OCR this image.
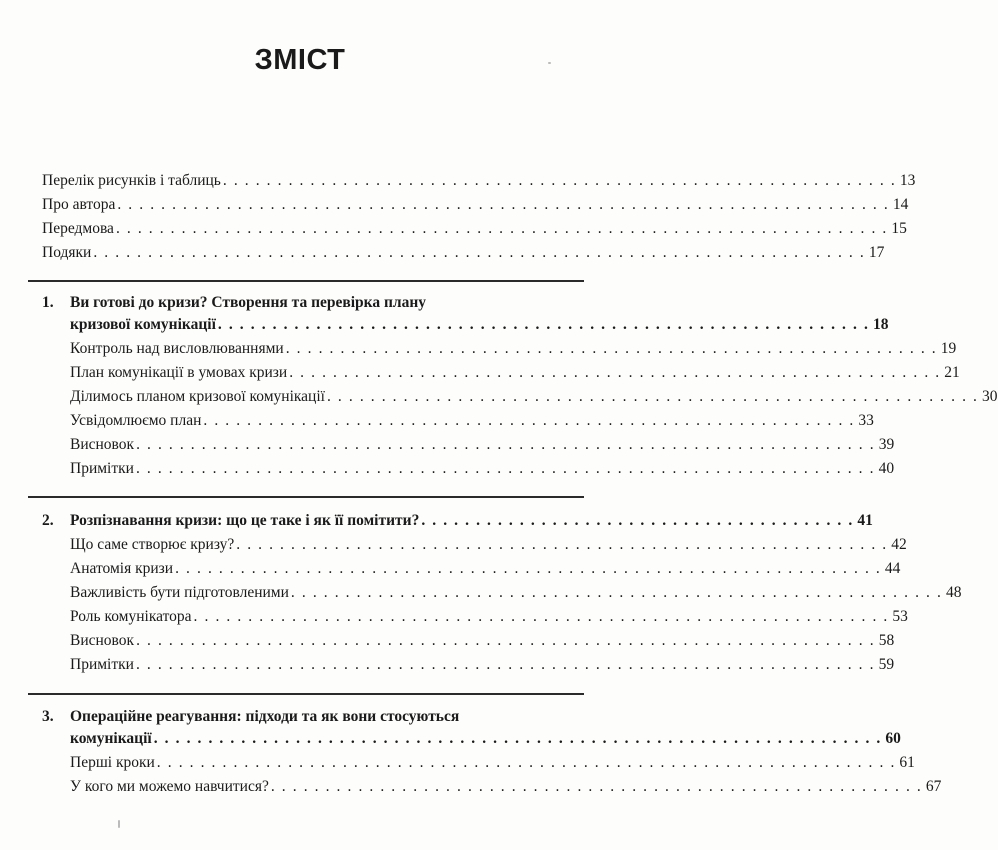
ЗМІСТ
Перелік рисунків і таблиць . . . . . . . . . . . . . . . . . . . . . . . . . . . . . . . . . . . . . . . . . . . . . . . . . . . . . . . . . . . . . . 13
Про автора . . . . . . . . . . . . . . . . . . . . . . . . . . . . . . . . . . . . . . . . . . . . . . . . . . . . . . . . . . . . . . . . . . . . . . . 14
Передмова . . . . . . . . . . . . . . . . . . . . . . . . . . . . . . . . . . . . . . . . . . . . . . . . . . . . . . . . . . . . . . . . . . . . . . . 15
Подяки . . . . . . . . . . . . . . . . . . . . . . . . . . . . . . . . . . . . . . . . . . . . . . . . . . . . . . . . . . . . . . . . . . . . . . . 17
1. Ви готові до кризи? Створення та перевірка плану
кризової комунікації . . . . . . . . . . . . . . . . . . . . . . . . . . . . . . . . . . . . . . . . . . . . . . . . . . . . . . . . . . . . 18
Контроль над висловлюваннями . . . . . . . . . . . . . . . . . . . . . . . . . . . . . . . . . . . . . . . . . . . . . . . . . . . . . . . . . . . . 19
План комунікації в умовах кризи . . . . . . . . . . . . . . . . . . . . . . . . . . . . . . . . . . . . . . . . . . . . . . . . . . . . . . . . . . . . 21
Ділимось планом кризової комунікації . . . . . . . . . . . . . . . . . . . . . . . . . . . . . . . . . . . . . . . . . . . . . . . . . . . . . . . . . . . . 30
Усвідомлюємо план . . . . . . . . . . . . . . . . . . . . . . . . . . . . . . . . . . . . . . . . . . . . . . . . . . . . . . . . . . . . 33
Висновок . . . . . . . . . . . . . . . . . . . . . . . . . . . . . . . . . . . . . . . . . . . . . . . . . . . . . . . . . . . . . . . . . . . . 39
Примітки . . . . . . . . . . . . . . . . . . . . . . . . . . . . . . . . . . . . . . . . . . . . . . . . . . . . . . . . . . . . . . . . . . . . 40
2. Розпізнавання кризи: що це таке і як її помітити? . . . . . . . . . . . . . . . . . . . . . . . . . . . . . . . . . . . . . . . . 41
Що саме створює кризу? . . . . . . . . . . . . . . . . . . . . . . . . . . . . . . . . . . . . . . . . . . . . . . . . . . . . . . . . . . . . 42
Анатомія кризи . . . . . . . . . . . . . . . . . . . . . . . . . . . . . . . . . . . . . . . . . . . . . . . . . . . . . . . . . . . . . . . . . 44
Важливість бути підготовленими . . . . . . . . . . . . . . . . . . . . . . . . . . . . . . . . . . . . . . . . . . . . . . . . . . . . . . . . . . . . 48
Роль комунікатора . . . . . . . . . . . . . . . . . . . . . . . . . . . . . . . . . . . . . . . . . . . . . . . . . . . . . . . . . . . . . . . . 53
Висновок . . . . . . . . . . . . . . . . . . . . . . . . . . . . . . . . . . . . . . . . . . . . . . . . . . . . . . . . . . . . . . . . . . . . 58
Примітки . . . . . . . . . . . . . . . . . . . . . . . . . . . . . . . . . . . . . . . . . . . . . . . . . . . . . . . . . . . . . . . . . . . . 59
3. Операційне реагування: підходи та як вони стосуються
комунікації . . . . . . . . . . . . . . . . . . . . . . . . . . . . . . . . . . . . . . . . . . . . . . . . . . . . . . . . . . . . . . . . . . . 60
Перші кроки . . . . . . . . . . . . . . . . . . . . . . . . . . . . . . . . . . . . . . . . . . . . . . . . . . . . . . . . . . . . . . . . . . . . 61
У кого ми можемо навчитися? . . . . . . . . . . . . . . . . . . . . . . . . . . . . . . . . . . . . . . . . . . . . . . . . . . . . . . . . . . . . 67
